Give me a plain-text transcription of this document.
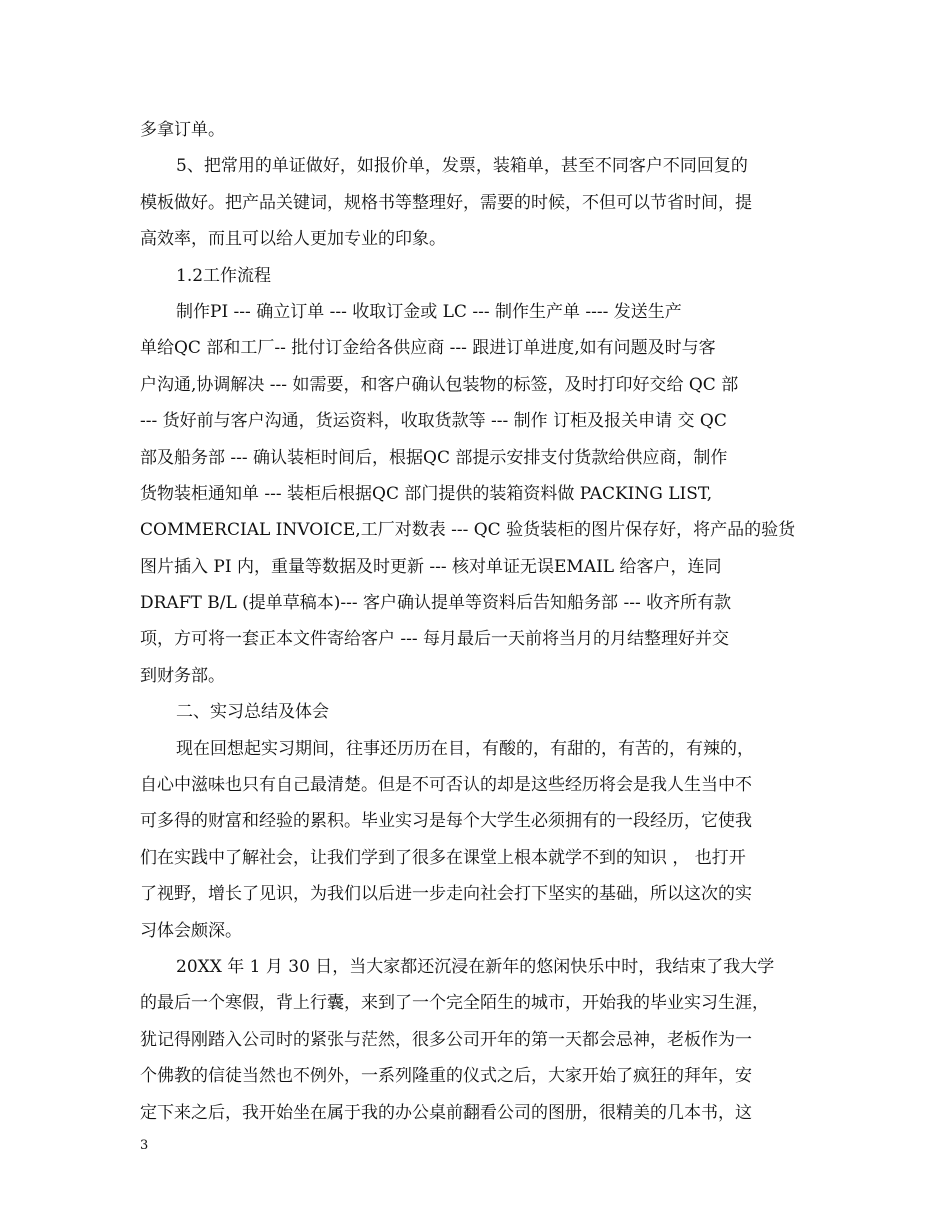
多拿订单。
5、把常用的单证做好，如报价单，发票，装箱单，甚至不同客户不同回复的
模板做好。把产品关键词，规格书等整理好，需要的时候，不但可以节省时间，提
高效率，而且可以给人更加专业的印象。
1.2工作流程
制作PI --- 确立订单 --- 收取订金或 LC --- 制作生产单 ---- 发送生产
单给QC 部和工厂-- 批付订金给各供应商 --- 跟进订单进度,如有问题及时与客
户沟通,协调解决 --- 如需要，和客户确认包装物的标签，及时打印好交给 QC 部
--- 货好前与客户沟通，货运资料，收取货款等 --- 制作 订柜及报关申请 交 QC
部及船务部 --- 确认装柜时间后，根据QC 部提示安排支付货款给供应商，制作
货物装柜通知单 --- 装柜后根据QC 部门提供的装箱资料做 PACKING LIST,
COMMERCIAL INVOICE,工厂对数表 --- QC 验货装柜的图片保存好，将产品的验货
图片插入 PI 内，重量等数据及时更新 --- 核对单证无误EMAIL 给客户，连同
DRAFT B/L (提单草稿本)--- 客户确认提单等资料后告知船务部 --- 收齐所有款
项，方可将一套正本文件寄给客户 --- 每月最后一天前将当月的月结整理好并交
到财务部。
二、实习总结及体会
现在回想起实习期间，往事还历历在目，有酸的，有甜的，有苦的，有辣的，
自心中滋味也只有自己最清楚。但是不可否认的却是这些经历将会是我人生当中不
可多得的财富和经验的累积。毕业实习是每个大学生必须拥有的一段经历，它使我
们在实践中了解社会，让我们学到了很多在课堂上根本就学不到的知识 ， 也打开
了视野，增长了见识，为我们以后进一步走向社会打下坚实的基础，所以这次的实
习体会颇深。
20XX 年 1 月 30 日，当大家都还沉浸在新年的悠闲快乐中时，我结束了我大学
的最后一个寒假，背上行囊，来到了一个完全陌生的城市，开始我的毕业实习生涯，
犹记得刚踏入公司时的紧张与茫然，很多公司开年的第一天都会忌神，老板作为一
个佛教的信徒当然也不例外，一系列隆重的仪式之后，大家开始了疯狂的拜年，安
定下来之后，我开始坐在属于我的办公桌前翻看公司的图册，很精美的几本书，这
3
